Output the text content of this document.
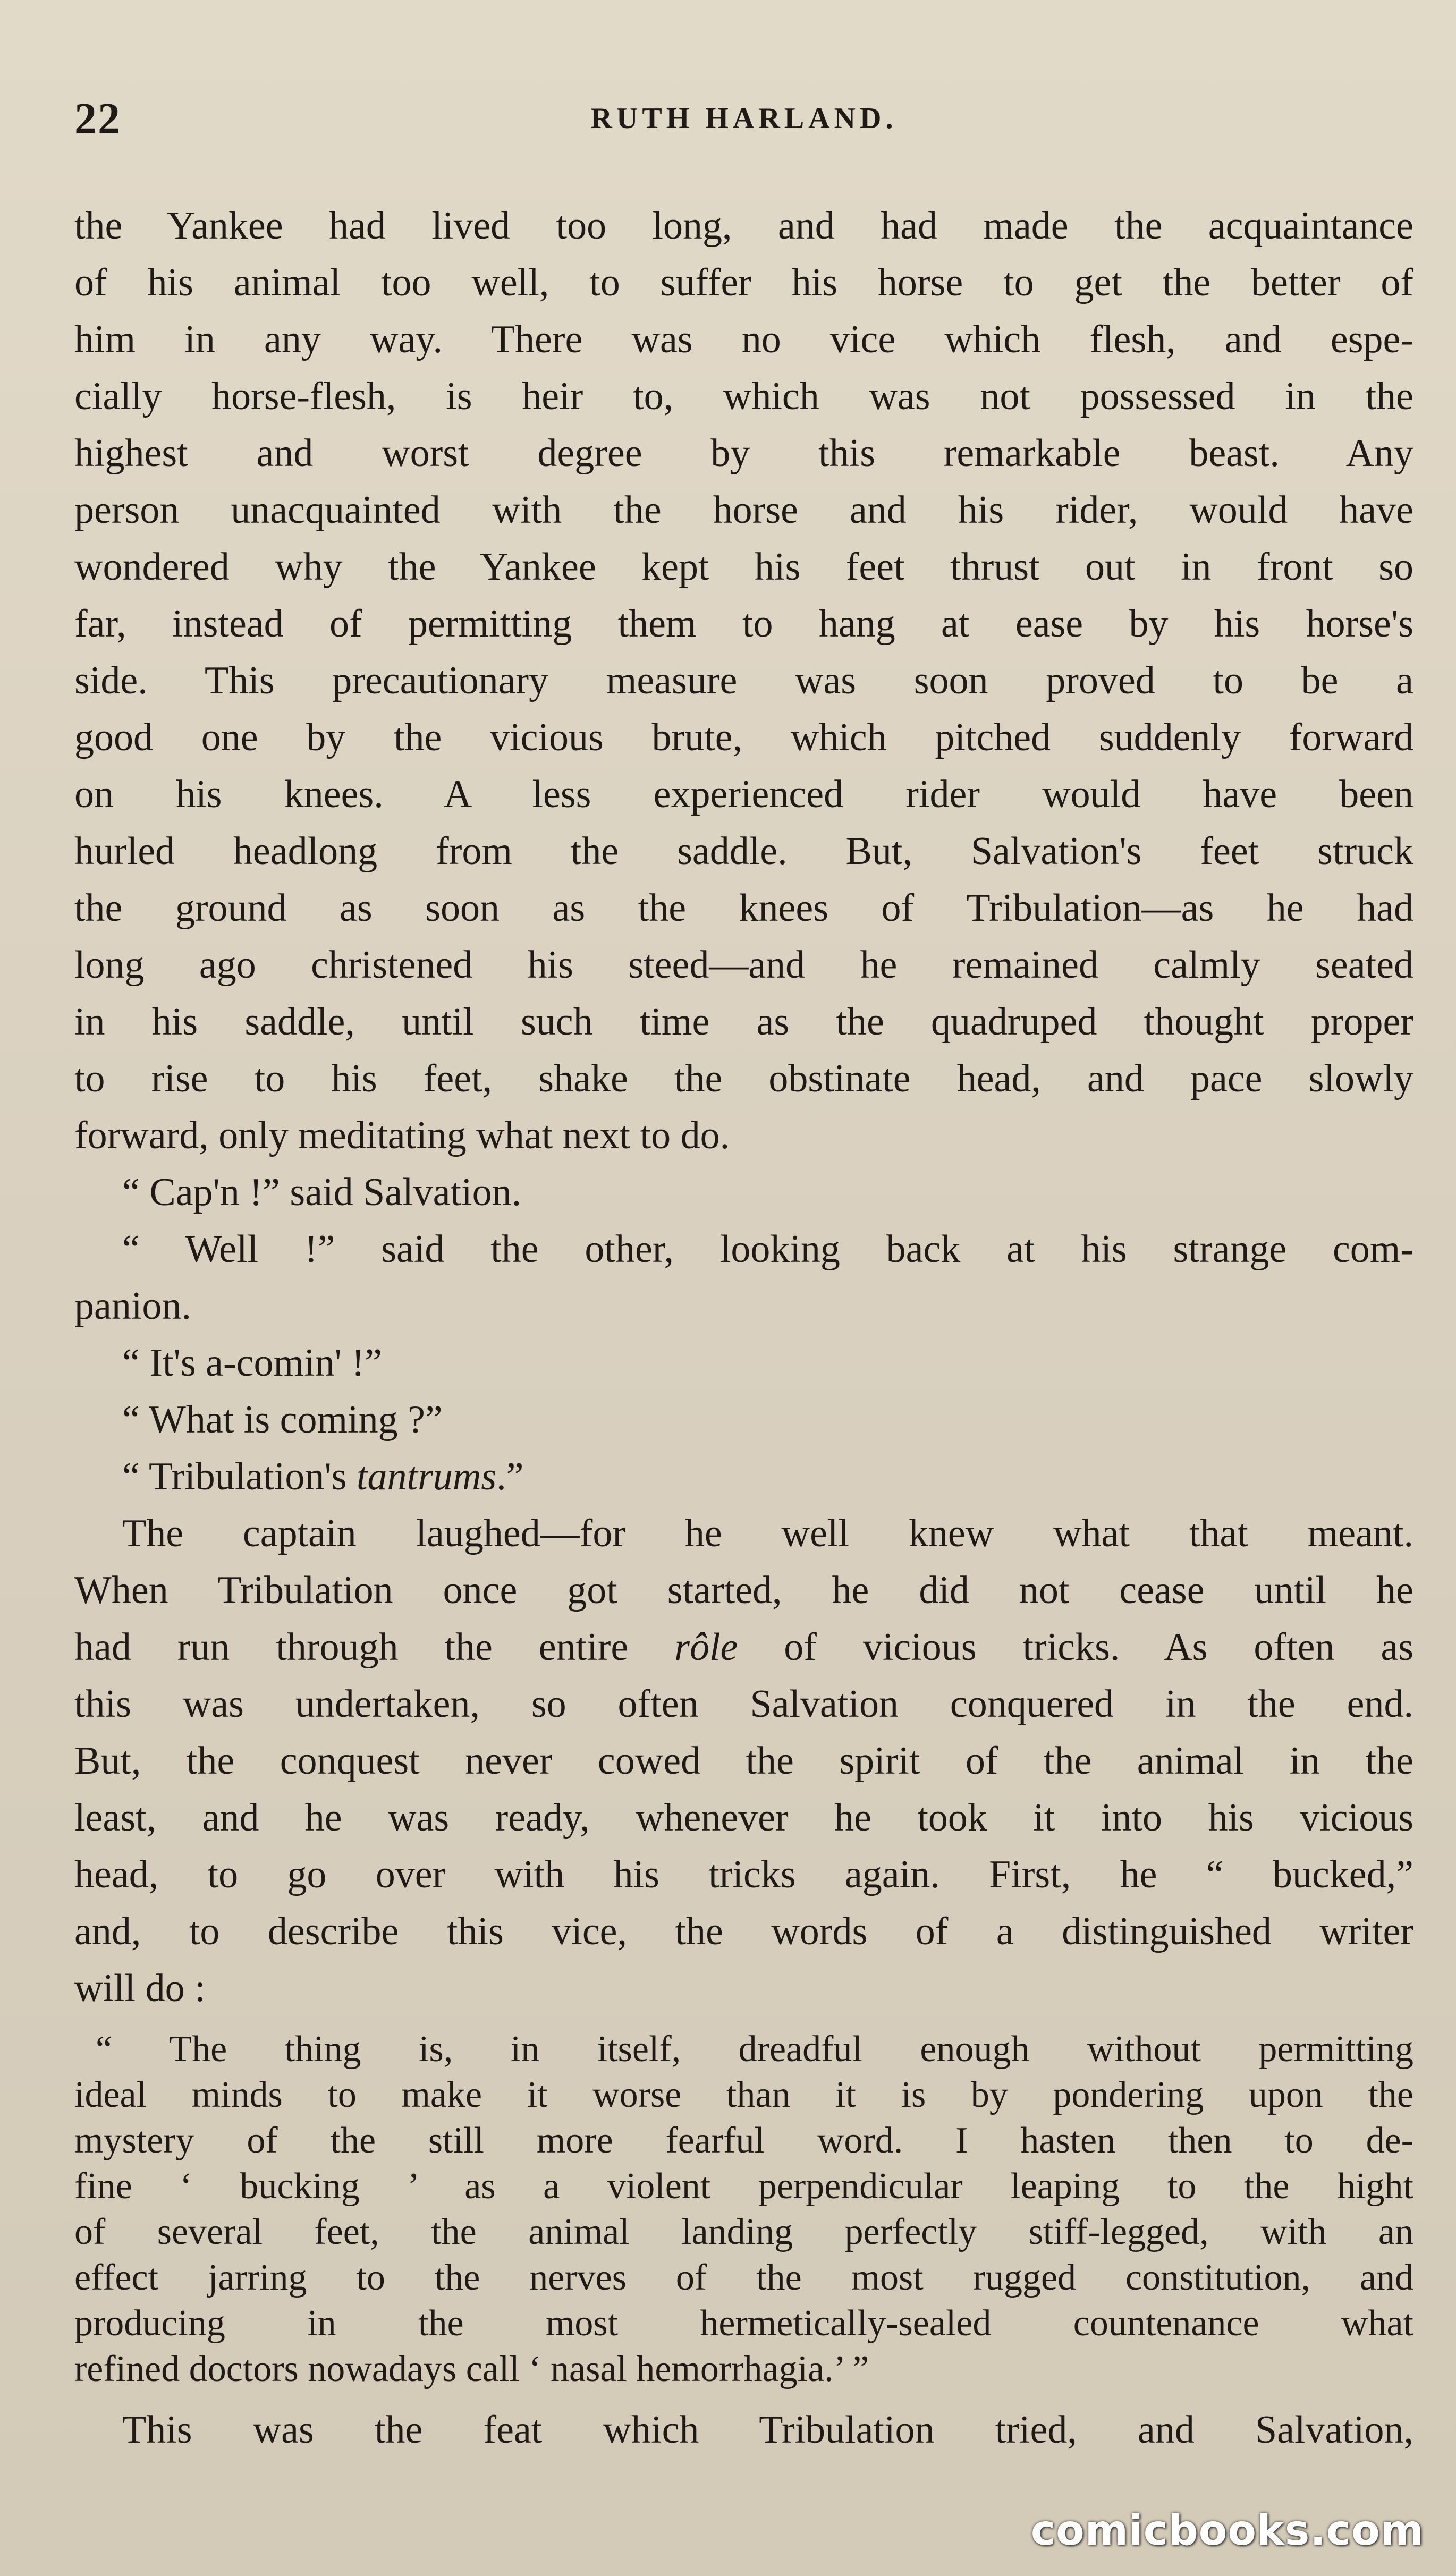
22	RUTH HARLAND.
the Yankee had lived too long, and had made the acquaintance
of his animal too well, to suffer his horse to get the better of
him in any way. There was no vice which flesh, and espe-
cially horse-flesh, is heir to, which was not possessed in the
highest and worst degree by this remarkable beast. Any
person unacquainted with the horse and his rider, would have
wondered why the Yankee kept his feet thrust out in front so
far, instead of permitting them to hang at ease by his horse's
side. This precautionary measure was soon proved to be a
good one by the vicious brute, which pitched suddenly forward
on his knees. A less experienced rider would have been
hurled headlong from the saddle. But, Salvation's feet struck
the ground as soon as the knees of Tribulation—as he had
long ago christened his steed—and he remained calmly seated
in his saddle, until such time as the quadruped thought proper
to rise to his feet, shake the obstinate head, and pace slowly
forward, only meditating what next to do.
“ Cap'n !” said Salvation.
“ Well !” said the other, looking back at his strange com-
panion.
“ It's a-comin' !”
“ What is coming ?”
“ Tribulation's tantrums.”
The captain laughed—for he well knew what that meant.
When Tribulation once got started, he did not cease until he
had run through the entire rôle of vicious tricks. As often as
this was undertaken, so often Salvation conquered in the end.
But, the conquest never cowed the spirit of the animal in the
least, and he was ready, whenever he took it into his vicious
head, to go over with his tricks again. First, he “ bucked,”
and, to describe this vice, the words of a distinguished writer
will do :
“ The thing is, in itself, dreadful enough without permitting
ideal minds to make it worse than it is by pondering upon the
mystery of the still more fearful word. I hasten then to de-
fine ‘ bucking ’ as a violent perpendicular leaping to the hight
of several feet, the animal landing perfectly stiff-legged, with an
effect jarring to the nerves of the most rugged constitution, and
producing in the most hermetically-sealed countenance what
refined doctors nowadays call ‘ nasal hemorrhagia.’ ”
This was the feat which Tribulation tried, and Salvation,
comicbooks.com
